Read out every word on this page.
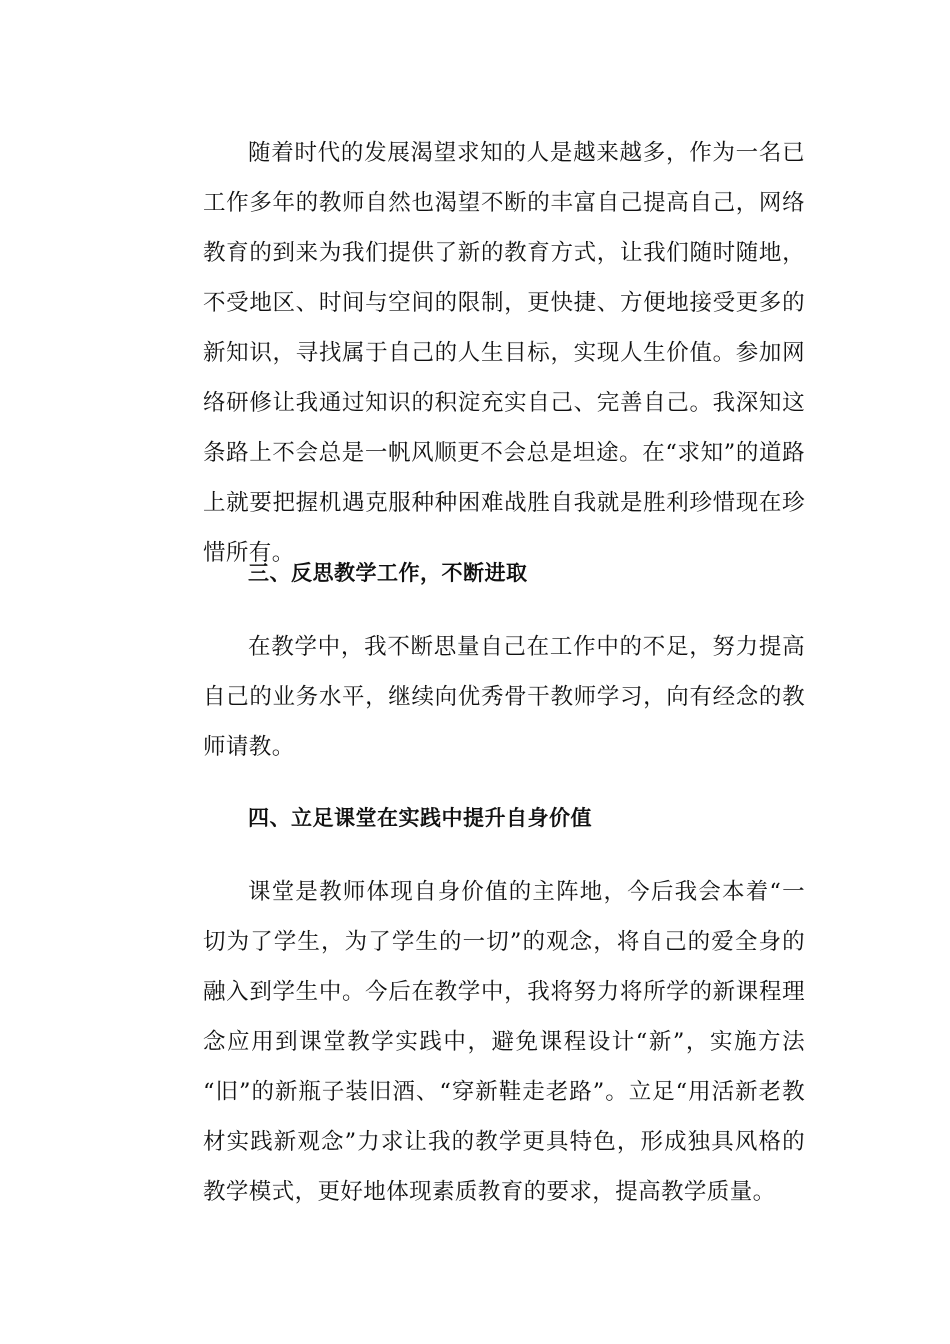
随着时代的发展渴望求知的人是越来越多，作为一名已工作多年的教师自然也渴望不断的丰富自己提高自己，网络教育的到来为我们提供了新的教育方式，让我们随时随地，不受地区、时间与空间的限制，更快捷、方便地接受更多的新知识，寻找属于自己的人生目标，实现人生价值。参加网络研修让我通过知识的积淀充实自己、完善自己。我深知这条路上不会总是一帆风顺更不会总是坦途。在“求知”的道路上就要把握机遇克服种种困难战胜自我就是胜利珍惜现在珍惜所有。

三、反思教学工作，不断进取

在教学中，我不断思量自己在工作中的不足，努力提高自己的业务水平，继续向优秀骨干教师学习，向有经念的教师请教。

四、立足课堂在实践中提升自身价值

课堂是教师体现自身价值的主阵地，今后我会本着“一切为了学生，为了学生的一切”的观念，将自己的爱全身的融入到学生中。今后在教学中，我将努力将所学的新课程理念应用到课堂教学实践中，避免课程设计“新”，实施方法 “旧”的新瓶子装旧酒、“穿新鞋走老路”。立足“用活新老教材实践新观念”力求让我的教学更具特色，形成独具风格的教学模式，更好地体现素质教育的要求，提高教学质量。
